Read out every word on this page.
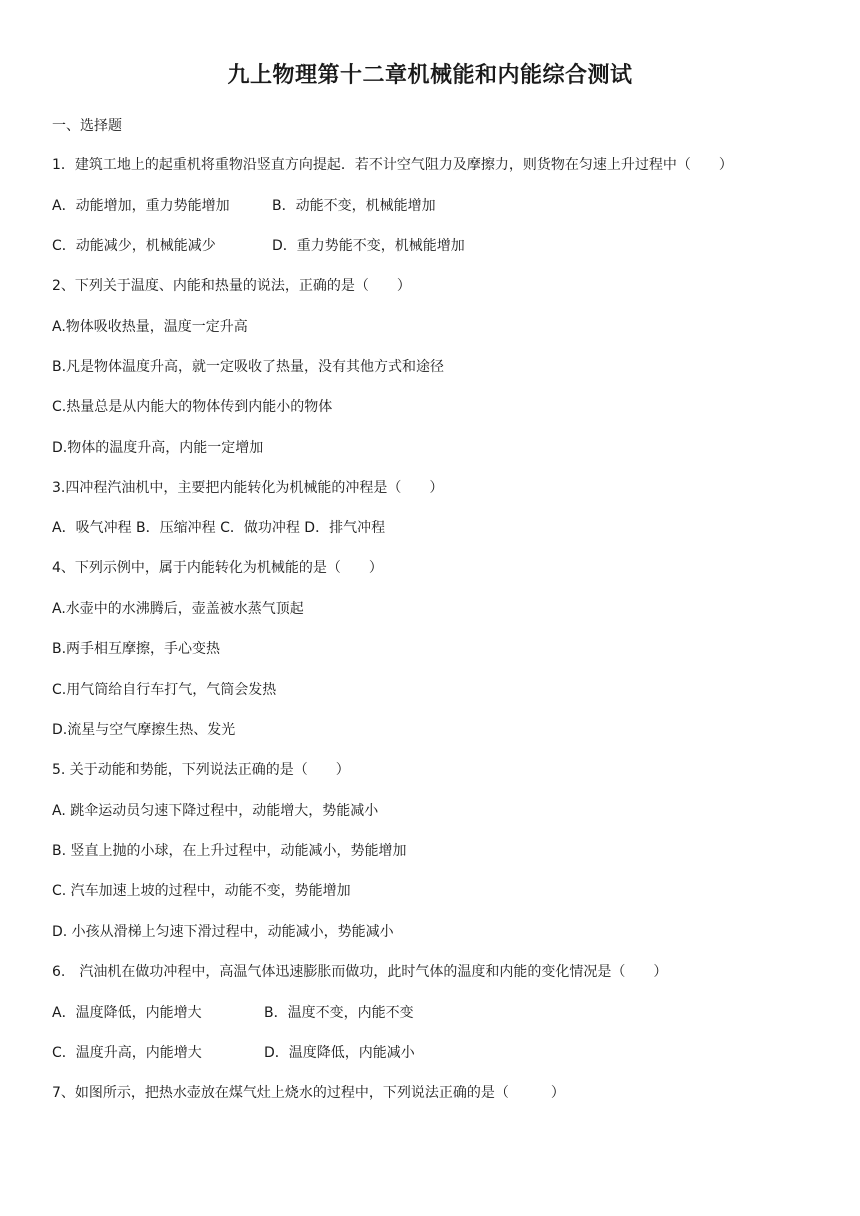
九上物理第十二章机械能和内能综合测试
一、选择题
1．建筑工地上的起重机将重物沿竖直方向提起．若不计空气阻力及摩擦力，则货物在匀速上升过程中（　　）
A．动能增加，重力势能增加	B．动能不变，机械能增加
C．动能减少，机械能减少	D．重力势能不变，机械能增加
2、下列关于温度、内能和热量的说法，正确的是（　　）
A.物体吸收热量，温度一定升高
B.凡是物体温度升高，就一定吸收了热量，没有其他方式和途径
C.热量总是从内能大的物体传到内能小的物体
D.物体的温度升高，内能一定增加
3.四冲程汽油机中，主要把内能转化为机械能的冲程是（　　）
A．吸气冲程 B．压缩冲程 C．做功冲程 D．排气冲程
4、下列示例中，属于内能转化为机械能的是（　　）
A.水壶中的水沸腾后，壶盖被水蒸气顶起
B.两手相互摩擦，手心变热
C.用气筒给自行车打气，气筒会发热
D.流星与空气摩擦生热、发光
5. 关于动能和势能，下列说法正确的是（　　）
A. 跳伞运动员匀速下降过程中，动能增大，势能减小
B. 竖直上抛的小球，在上升过程中，动能减小，势能增加
C. 汽车加速上坡的过程中，动能不变，势能增加
D. 小孩从滑梯上匀速下滑过程中，动能减小，势能减小
6.　汽油机在做功冲程中，高温气体迅速膨胀而做功，此时气体的温度和内能的变化情况是（　　）
A．温度降低，内能增大	B．温度不变，内能不变
C．温度升高，内能增大	D．温度降低，内能减小
7、如图所示，把热水壶放在煤气灶上烧水的过程中，下列说法正确的是（　　　）
